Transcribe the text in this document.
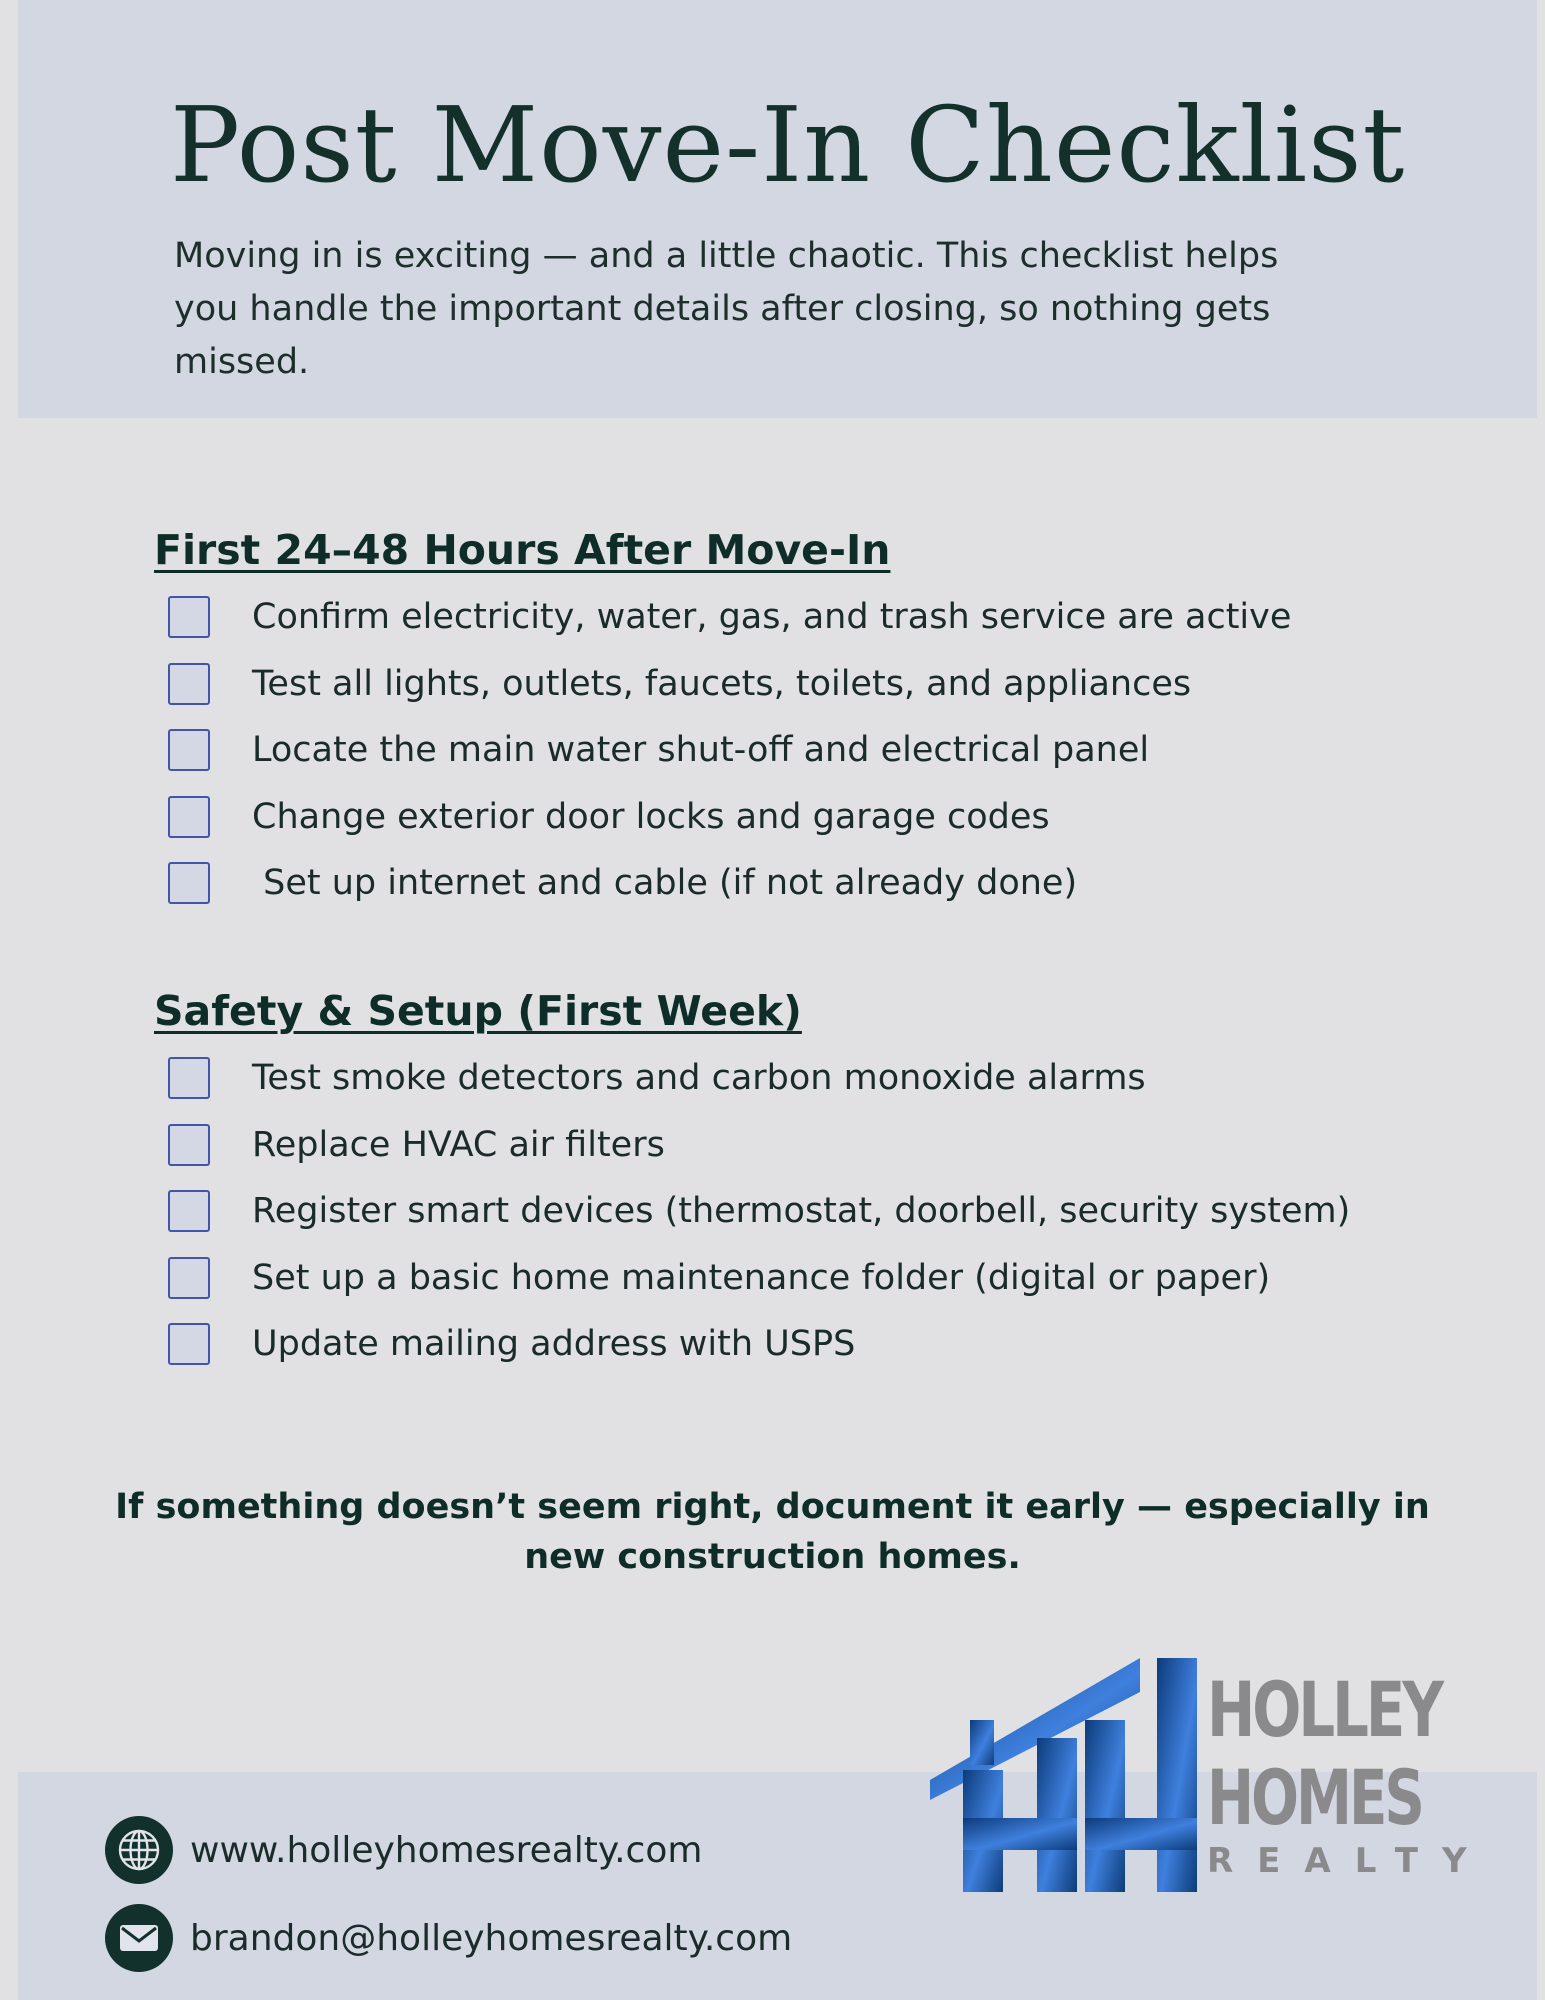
Post Move-In Checklist

Moving in is exciting — and a little chaotic. This checklist helps you handle the important details after closing, so nothing gets missed.

First 24–48 Hours After Move-In
Confirm electricity, water, gas, and trash service are active
Test all lights, outlets, faucets, toilets, and appliances
Locate the main water shut-off and electrical panel
Change exterior door locks and garage codes
Set up internet and cable (if not already done)
Safety & Setup (First Week)
Test smoke detectors and carbon monoxide alarms
Replace HVAC air filters
Register smart devices (thermostat, doorbell, security system)
Set up a basic home maintenance folder (digital or paper)
Update mailing address with USPS

If something doesn’t seem right, document it early — especially in new construction homes.

www.holleyhomesrealty.com
brandon@holleyhomesrealty.com
HOLLEY
HOMES
REALTY
